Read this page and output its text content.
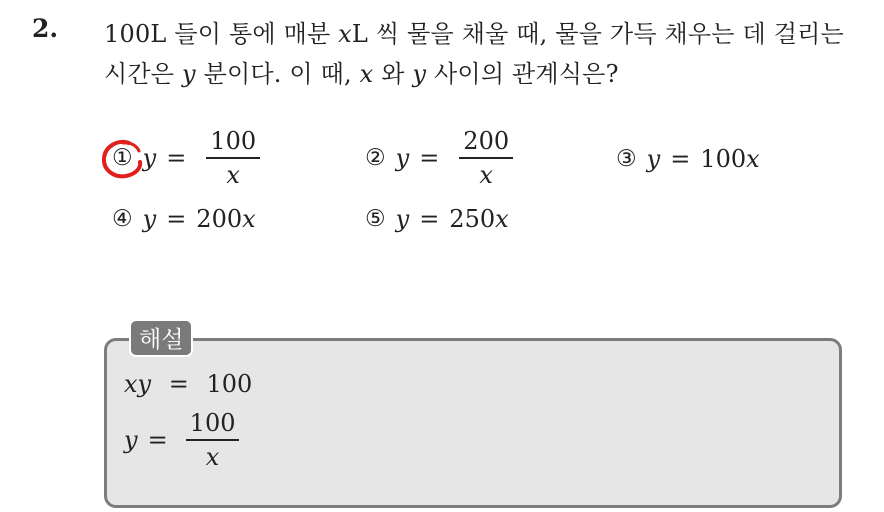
2. 100L 들이 통에 매분 xL 씩 물을 채울 때, 물을 가득 채우는 데 걸리는
시간은 y 분이다. 이 때, x 와 y 사이의 관계식은?
① $y = \frac{100}{x}$	② $y = \frac{200}{x}$	③ y = 100 x
④ y = 200 x	⑤ y = 250 x
해설
xy = 100
$y = \frac{100}{x}$
